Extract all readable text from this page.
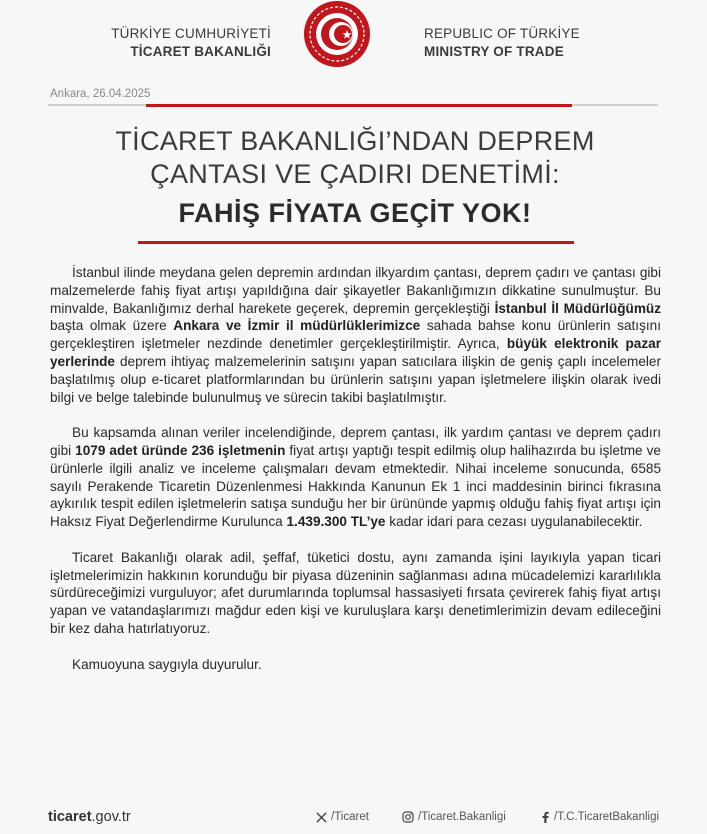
TÜRKİYE CUMHURİYETİ
TİCARET BAKANLIĞI
REPUBLIC OF TÜRKİYE
MINISTRY OF TRADE
Ankara, 26.04.2025
TİCARET BAKANLIĞI’NDAN DEPREM
ÇANTASI VE ÇADIRI DENETİMİ:
FAHİŞ FİYATA GEÇİT YOK!

İstanbul ilinde meydana gelen depremin ardından ilkyardım çantası, deprem çadırı ve çantası gibi malzemelerde fahiş fiyat artışı yapıldığına dair şikayetler Bakanlığımızın dikkatine sunulmuştur. Bu minvalde, Bakanlığımız derhal harekete geçerek, depremin gerçekleştiği İstanbul İl Müdürlüğümüz başta olmak üzere Ankara ve İzmir il müdürlüklerimizce sahada bahse konu ürünlerin satışını gerçekleştiren işletmeler nezdinde denetimler gerçekleştirilmiştir. Ayrıca, büyük elektronik pazar yerlerinde deprem ihtiyaç malzemelerinin satışını yapan satıcılara ilişkin de geniş çaplı incelemeler başlatılmış olup e-ticaret platformlarından bu ürünlerin satışını yapan işletmelere ilişkin olarak ivedi bilgi ve belge talebinde bulunulmuş ve sürecin takibi başlatılmıştır.

Bu kapsamda alınan veriler incelendiğinde, deprem çantası, ilk yardım çantası ve deprem çadırı gibi 1079 adet üründe 236 işletmenin fiyat artışı yaptığı tespit edilmiş olup halihazırda bu işletme ve ürünlerle ilgili analiz ve inceleme çalışmaları devam etmektedir. Nihai inceleme sonucunda, 6585 sayılı Perakende Ticaretin Düzenlenmesi Hakkında Kanunun Ek 1 inci maddesinin birinci fıkrasına aykırılık tespit edilen işletmelerin satışa sunduğu her bir ürününde yapmış olduğu fahiş fiyat artışı için Haksız Fiyat Değerlendirme Kurulunca 1.439.300 TL’ye kadar idari para cezası uygulanabilecektir.

Ticaret Bakanlığı olarak adil, şeffaf, tüketici dostu, aynı zamanda işini layıkıyla yapan ticari işletmelerimizin hakkının korunduğu bir piyasa düzeninin sağlanması adına mücadelemizi kararlılıkla sürdüreceğimizi vurguluyor; afet durumlarında toplumsal hassasiyeti fırsata çevirerek fahiş fiyat artışı yapan ve vatandaşlarımızı mağdur eden kişi ve kuruluşlara karşı denetimlerimizin devam edileceğini bir kez daha hatırlatıyoruz.

Kamuoyuna saygıyla duyurulur.

ticaret.gov.tr	/Ticaret	/Ticaret.Bakanligi	/T.C.TicaretBakanligi
